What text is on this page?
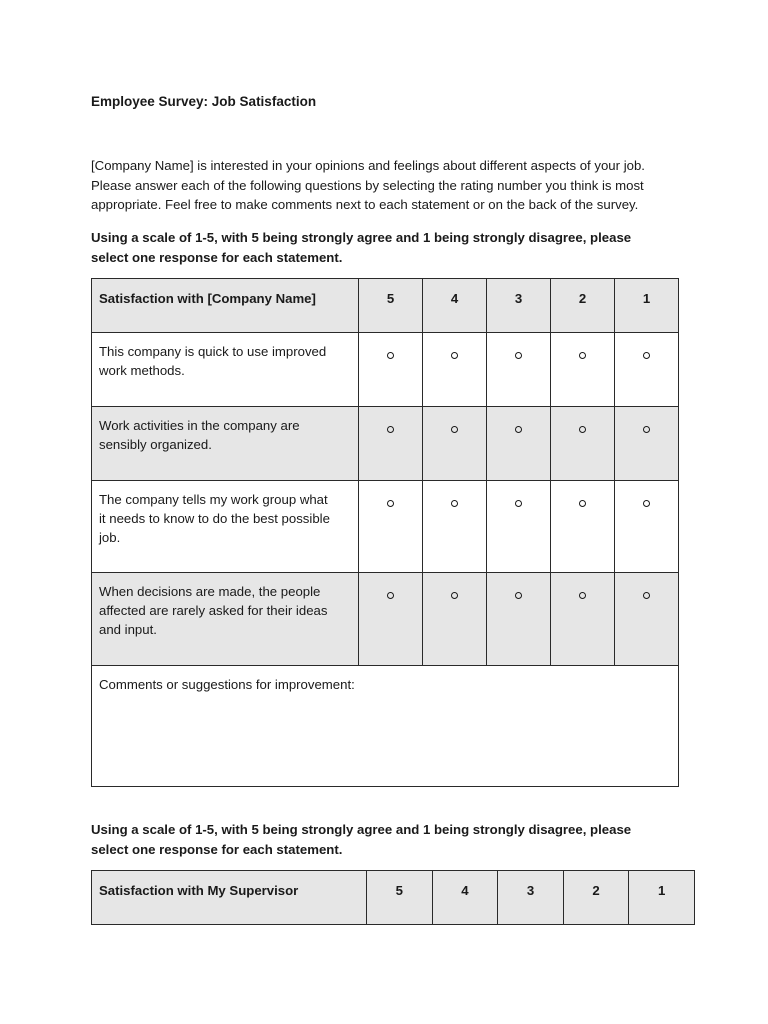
Employee Survey: Job Satisfaction

[Company Name] is interested in your opinions and feelings about different aspects of your job.
Please answer each of the following questions by selecting the rating number you think is most
appropriate. Feel free to make comments next to each statement or on the back of the survey.

Using a scale of 1-5, with 5 being strongly agree and 1 being strongly disagree, please
select one response for each statement.

Satisfaction with [Company Name]	5	4	3	2	1

This company is quick to use improved
work methods.					

Work activities in the company are
sensibly organized.					

The company tells my work group what
it needs to know to do the best possible
job.					

When decisions are made, the people
affected are rarely asked for their ideas
and input.					

Comments or suggestions for improvement:					

Using a scale of 1-5, with 5 being strongly agree and 1 being strongly disagree, please
select one response for each statement.

Satisfaction with My Supervisor	5	4	3	2	1
